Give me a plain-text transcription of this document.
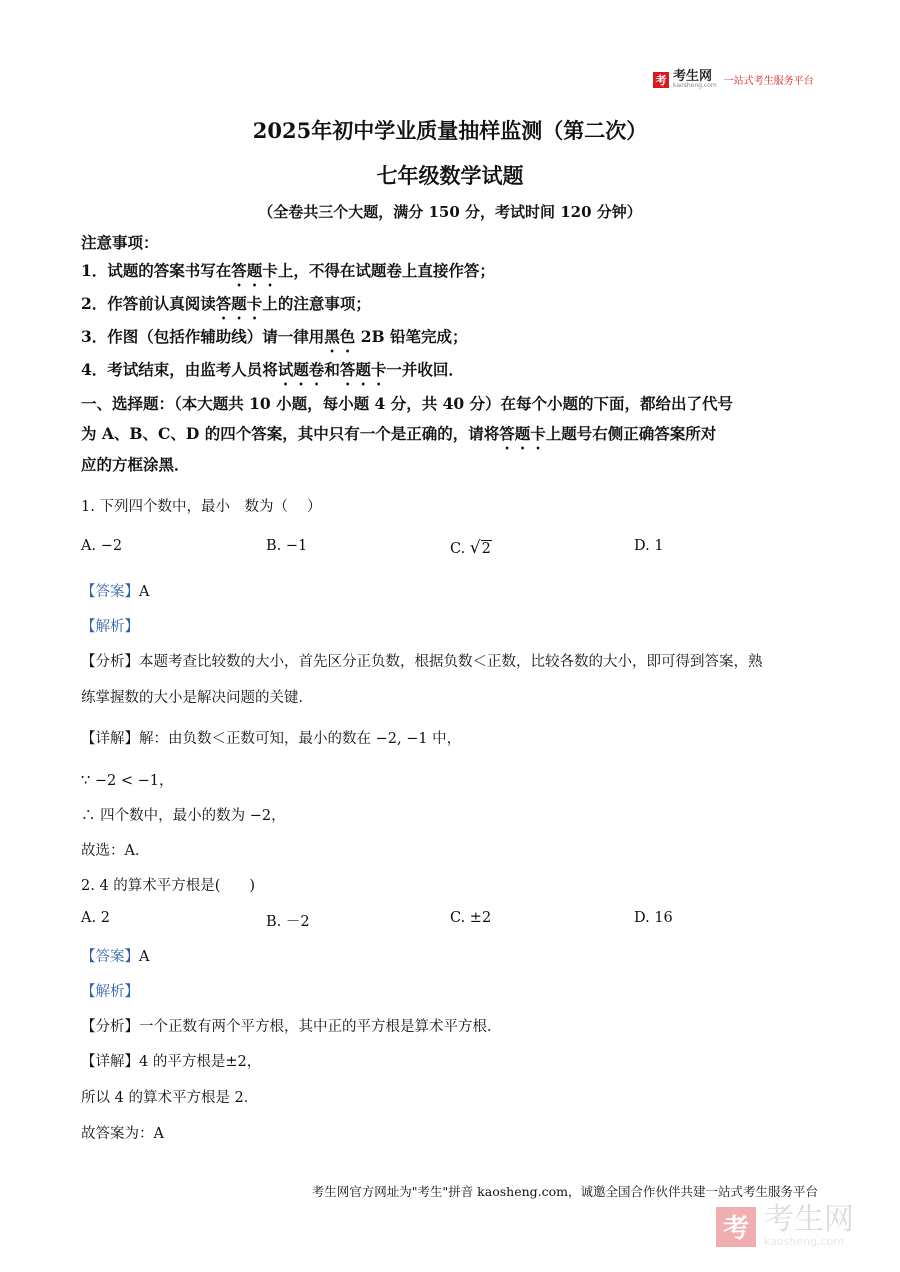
考 考生网
kaosheng.com 一站式考生服务平台
2025年初中学业质量抽样监测（第二次）
七年级数学试题
（全卷共三个大题，满分 150 分，考试时间 120 分钟）
注意事项：
1．试题的答案书写在答题卡上，不得在试题卷上直接作答；
2．作答前认真阅读答题卡上的注意事项；
3．作图（包括作辅助线）请一律用黑色 2B 铅笔完成；
4．考试结束，由监考人员将试题卷和答题卡一并收回．
一、选择题：（本大题共 10 小题，每小题 4 分，共 40 分）在每个小题的下面，都给出了代号
为 A、B、C、D 的四个答案，其中只有一个是正确的，请将答题卡上题号右侧正确答案所对
应的方框涂黑．
1. 下列四个数中，最小　数为（　 ）
A. −2	B. −1	C. √2	D. 1
【答案】A
【解析】
【分析】本题考查比较数的大小，首先区分正负数，根据负数＜正数，比较各数的大小，即可得到答案，熟
练掌握数的大小是解决问题的关键．
【详解】解：由负数＜正数可知，最小的数在 −2, −1 中，
∵ −2 < −1，
∴ 四个数中，最小的数为 −2，
故选：A．
2. 4 的算术平方根是(　　)
A. 2	B. －2	C. ±2	D. 16
【答案】A
【解析】
【分析】一个正数有两个平方根，其中正的平方根是算术平方根．
【详解】4 的平方根是±2，
所以 4 的算术平方根是 2．
故答案为：A
考生网官方网址为"考生"拼音 kaosheng.com，诚邀全国合作伙伴共建一站式考生服务平台
考 考生网
kaosheng.com
